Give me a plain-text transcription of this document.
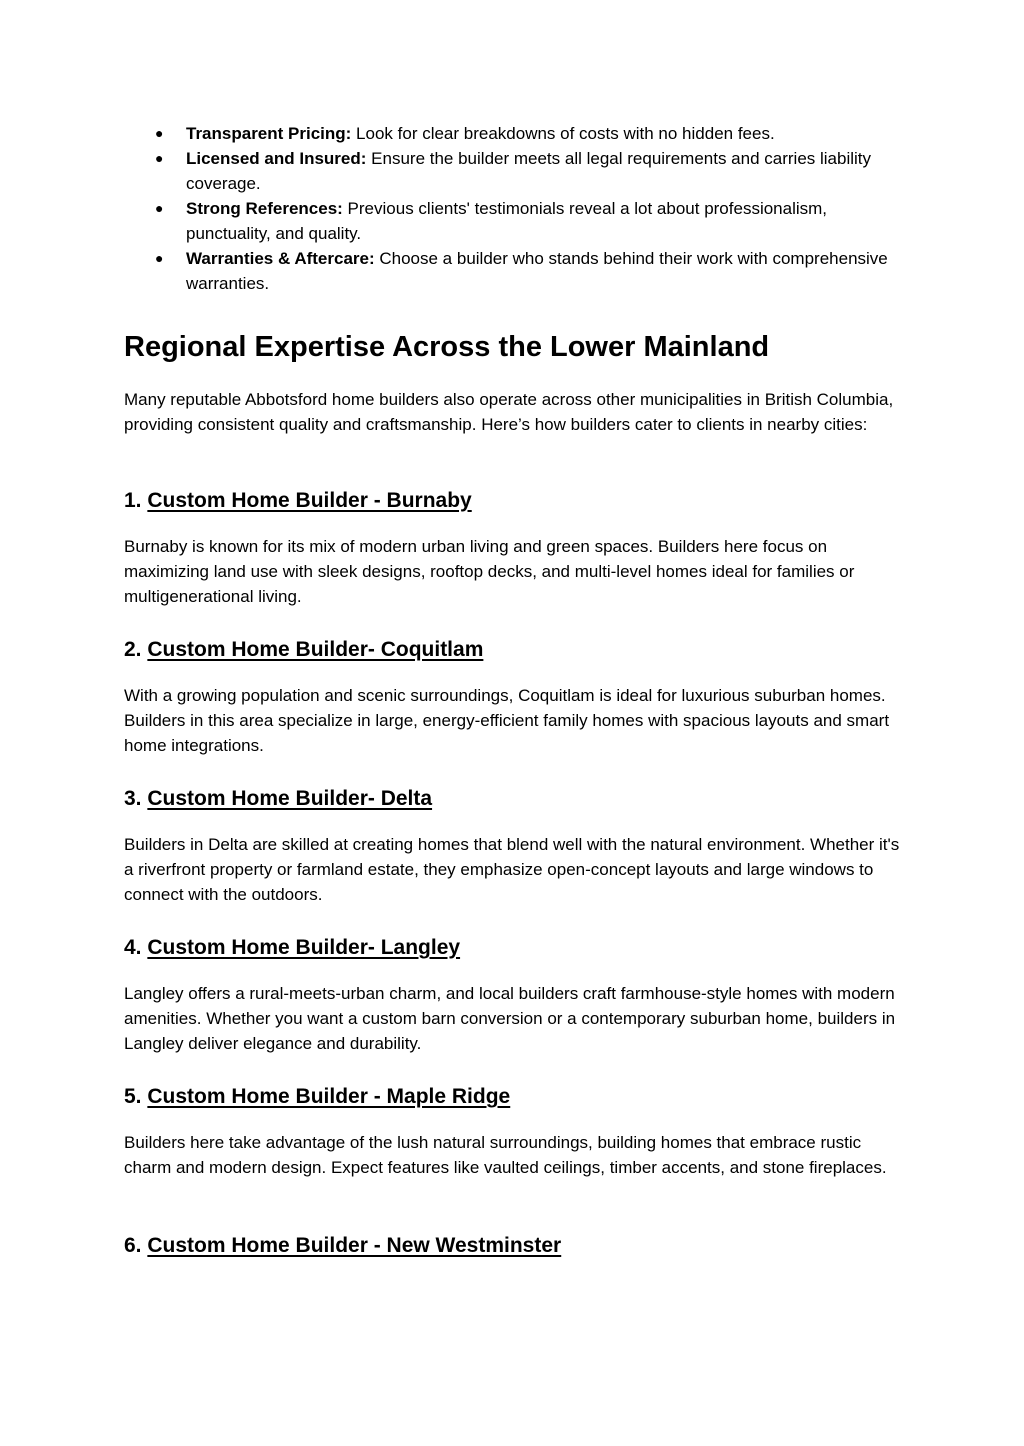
● Transparent Pricing: Look for clear breakdowns of costs with no hidden fees.
● Licensed and Insured: Ensure the builder meets all legal requirements and carries liability coverage.
● Strong References: Previous clients' testimonials reveal a lot about professionalism, punctuality, and quality.
● Warranties & Aftercare: Choose a builder who stands behind their work with comprehensive warranties.
Regional Expertise Across the Lower Mainland

Many reputable Abbotsford home builders also operate across other municipalities in British Columbia, providing consistent quality and craftsmanship. Here’s how builders cater to clients in nearby cities:

1. Custom Home Builder - Burnaby

Burnaby is known for its mix of modern urban living and green spaces. Builders here focus on maximizing land use with sleek designs, rooftop decks, and multi-level homes ideal for families or multigenerational living.

2. Custom Home Builder- Coquitlam

With a growing population and scenic surroundings, Coquitlam is ideal for luxurious suburban homes. Builders in this area specialize in large, energy-efficient family homes with spacious layouts and smart home integrations.

3. Custom Home Builder- Delta

Builders in Delta are skilled at creating homes that blend well with the natural environment. Whether it's a riverfront property or farmland estate, they emphasize open-concept layouts and large windows to connect with the outdoors.

4. Custom Home Builder- Langley

Langley offers a rural-meets-urban charm, and local builders craft farmhouse-style homes with modern amenities. Whether you want a custom barn conversion or a contemporary suburban home, builders in Langley deliver elegance and durability.

5. Custom Home Builder - Maple Ridge

Builders here take advantage of the lush natural surroundings, building homes that embrace rustic charm and modern design. Expect features like vaulted ceilings, timber accents, and stone fireplaces.

6. Custom Home Builder - New Westminster
